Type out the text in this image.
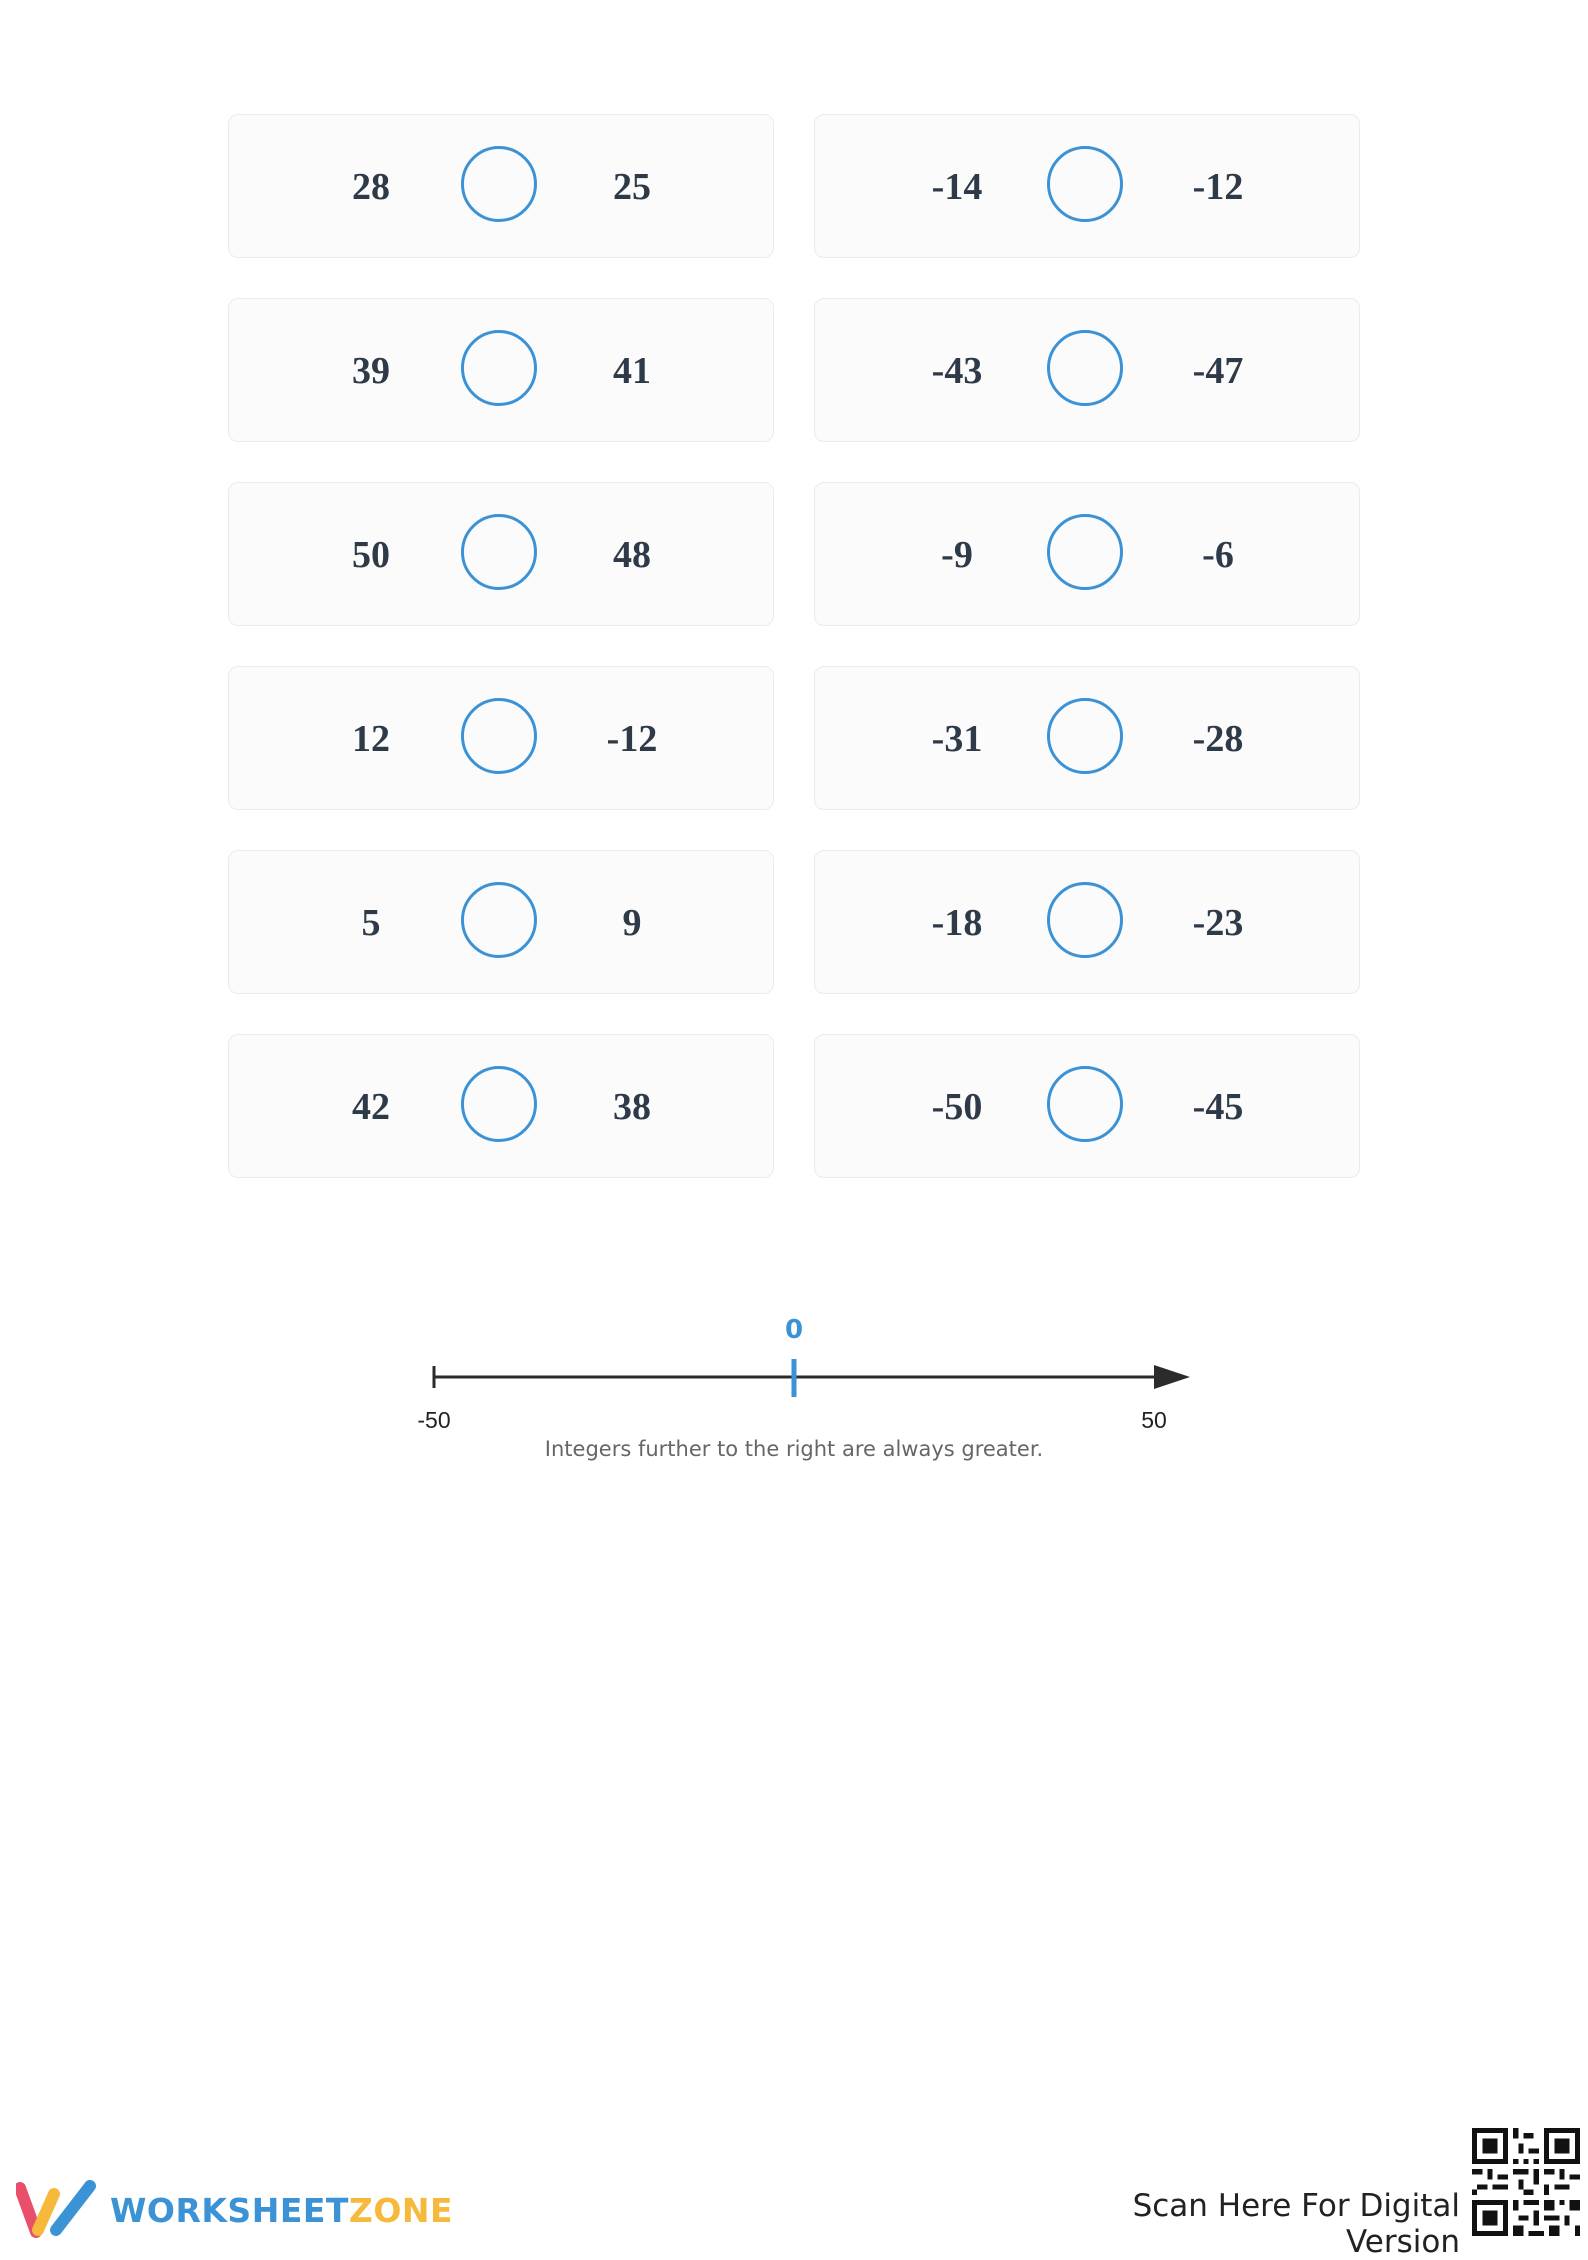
28	25	-14	-12
39	41	-43	-47
50	48	-9	-6
12	-12	-31	-28
5	9	-18	-23
42	38	-50	-45
0
-50	50
Integers further to the right are always greater.
WORKSHEETZONE	Scan Here For Digital Version
